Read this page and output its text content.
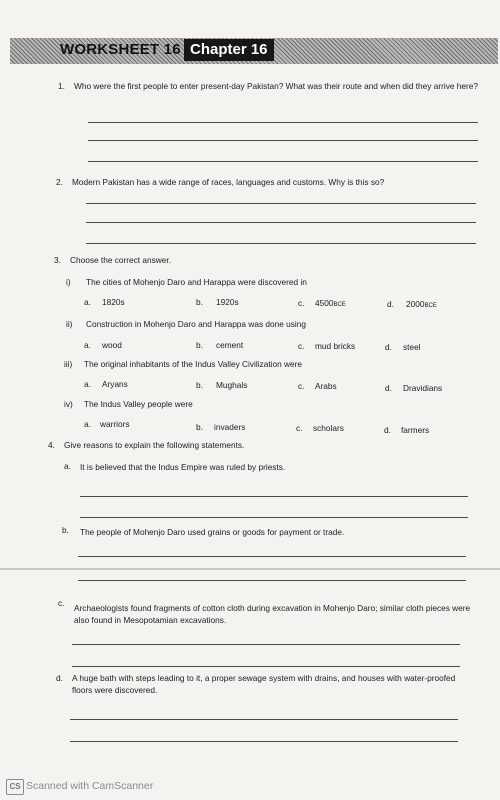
WORKSHEET 16 Chapter 16
1. Who were the first people to enter present-day Pakistan? What was their route and when did they arrive here?
2. Modern Pakistan has a wide range of races, languages and customs. Why is this so?
3. Choose the correct answer.
i) The cities of Mohenjo Daro and Harappa were discovered in
a. 1820s	b. 1920s	c. 4500BCE	d. 2000BCE
ii) Construction in Mohenjo Daro and Harappa was done using
a. wood	b. cement	c. mud bricks	d. steel
iii) The original inhabitants of the Indus Valley Civilization were
a. Aryans	b. Mughals	c. Arabs	d. Dravidians
iv) The Indus Valley people were
a. warriors	b. invaders	c. scholars	d. farmers
4. Give reasons to explain the following statements.
a. It is believed that the Indus Empire was ruled by priests.
b. The people of Mohenjo Daro used grains or goods for payment or trade.
c. Archaeologists found fragments of cotton cloth during excavation in Mohenjo Daro; similar cloth pieces were also found in Mesopotamian excavations.
d. A huge bath with steps leading to it, a proper sewage system with drains, and houses with water-proofed floors were discovered.
CS Scanned with CamScanner
